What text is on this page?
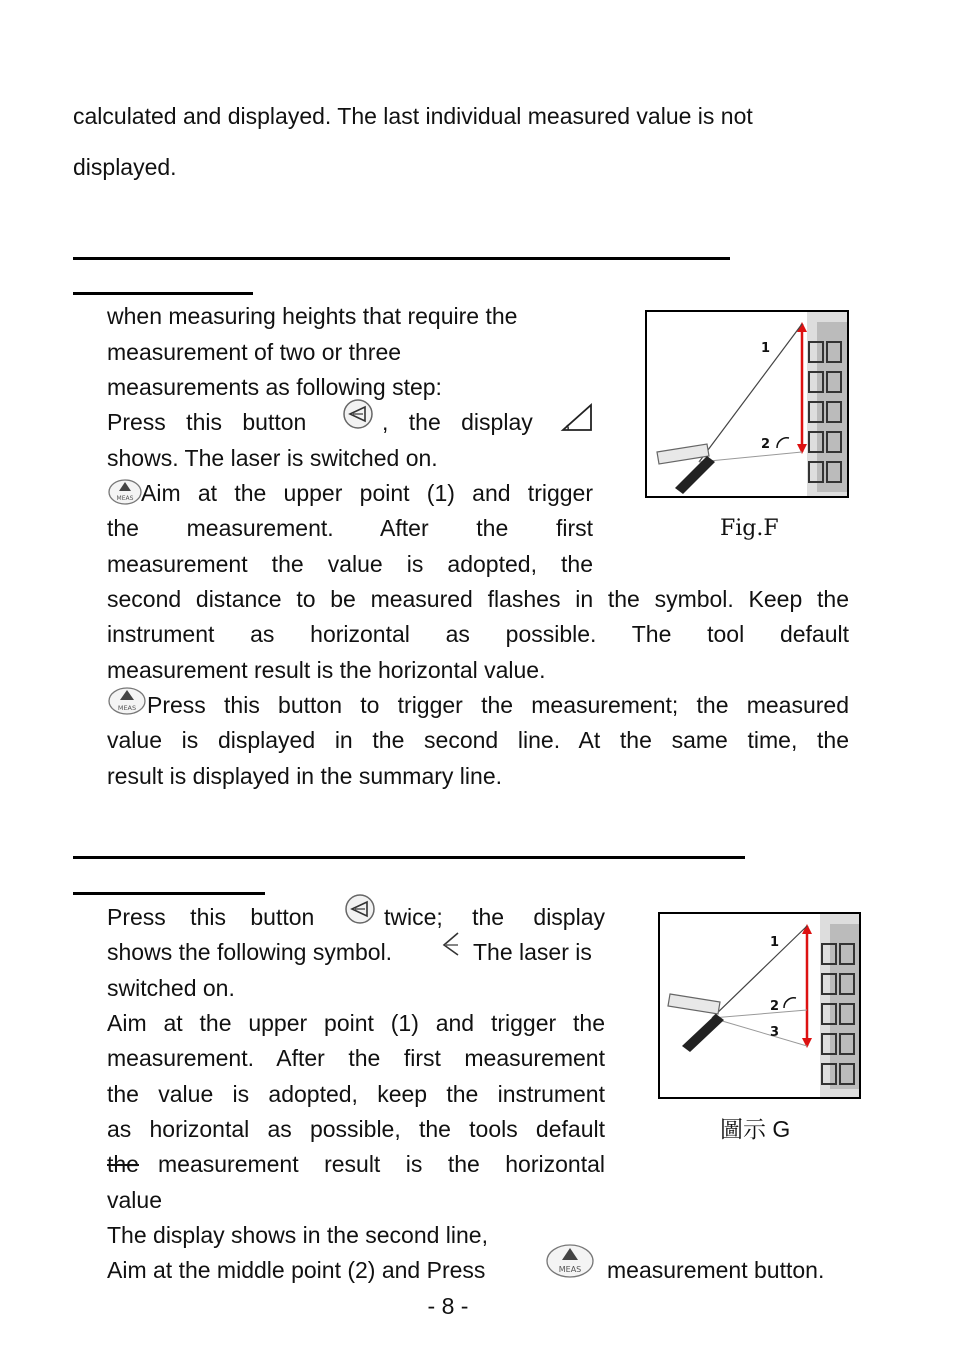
calculated and displayed. The last individual measured value is not
displayed.
when measuring heights that require the
measurement of two or three
measurements as following step:
Press this button	, the display
shows. The laser is switched on.
MEAS Aim at the upper point (1) and trigger
the measurement. After the first
measurement the value is adopted, the
second distance to be measured flashes in the symbol. Keep the
instrument as horizontal as possible. The tool default
measurement result is the horizontal value.
MEAS Press this button to trigger the measurement; the measured
value is displayed in the second line. At the same time, the
result is displayed in the summary line.
1
2
Fig.F
Press this button	twice; the display
shows the following symbol.	The laser is
switched on.
Aim at the upper point (1) and trigger the
measurement. After the first measurement
the value is adopted, keep the instrument
as horizontal as possible, the tools default
the measurement result is the horizontal
value
The display shows in the second line,
Aim at the middle point (2) and Press	MEAS measurement button.
1
2
3
圖示 G
- 8 -
